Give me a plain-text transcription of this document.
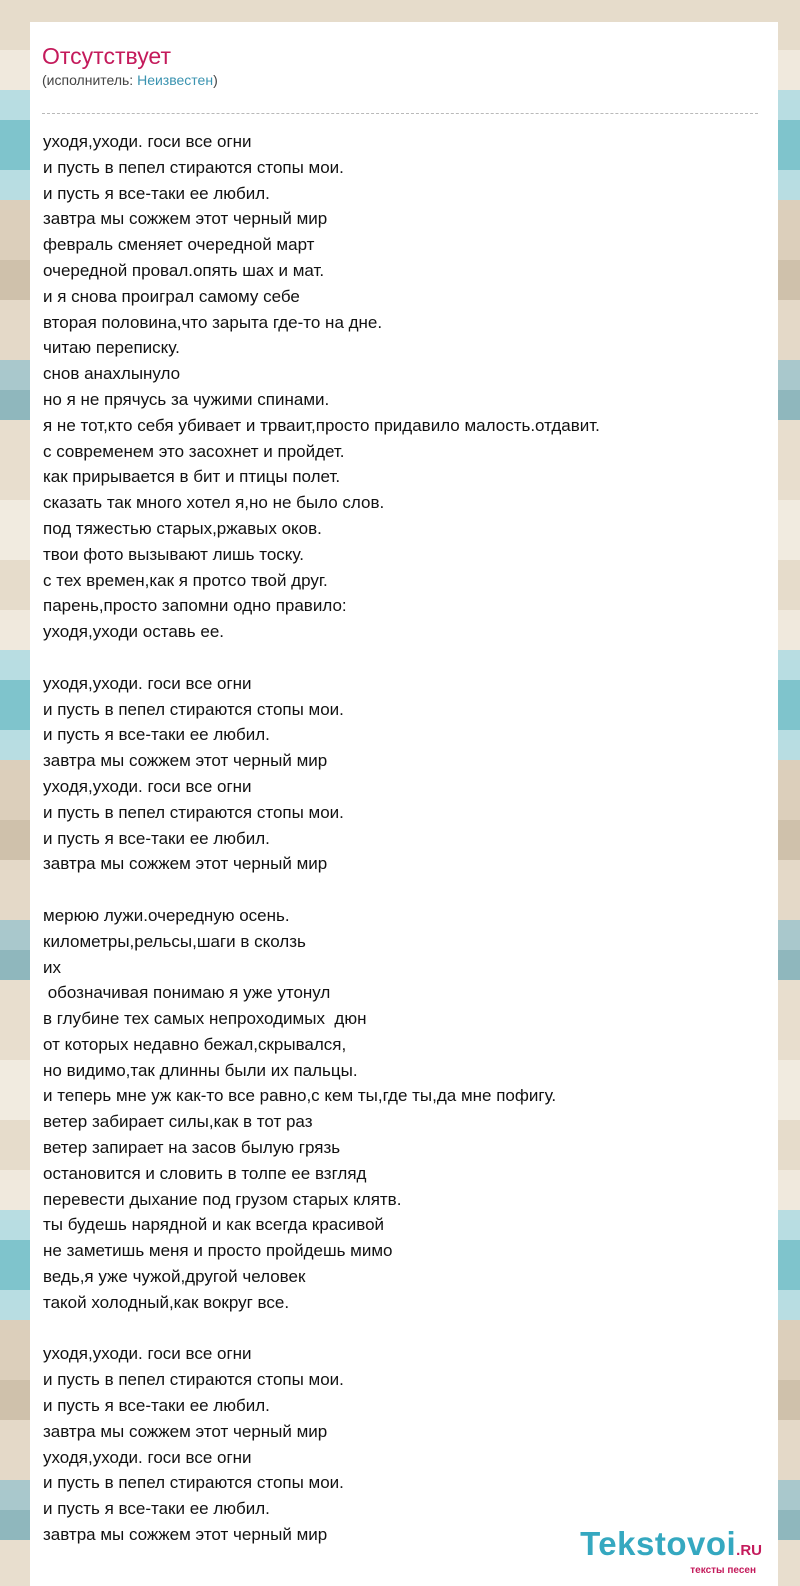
Отсутствует
(исполнитель: Неизвестен)
уходя,уходи. госи все огни
и пусть в пепел стираются стопы мои.
и пусть я все-таки ее любил.
завтра мы сожжем этот черный мир
февраль сменяет очередной март
очередной провал.опять шах и мат.
и я снова проиграл самому себе
вторая половина,что зарыта где-то на дне.
читаю переписку.
снов анахлынуло
но я не прячусь за чужими спинами.
я не тот,кто себя убивает и трваит,просто придавило малость.отдавит.
с современем это засохнет и пройдет.
как прирывается в бит и птицы полет.
сказать так много хотел я,но не было слов.
под тяжестью старых,ржавых оков.
твои фото вызывают лишь тоску.
с тех времен,как я протсо твой друг.
парень,просто запомни одно правило:
уходя,уходи оставь ее.
уходя,уходи. госи все огни
и пусть в пепел стираются стопы мои.
и пусть я все-таки ее любил.
завтра мы сожжем этот черный мир
уходя,уходи. госи все огни
и пусть в пепел стираются стопы мои.
и пусть я все-таки ее любил.
завтра мы сожжем этот черный мир
мерюю лужи.очередную осень.
километры,рельсы,шаги в сколзь
их
обозначивая понимаю я уже утонул
в глубине тех самых непроходимых  дюн
от которых недавно бежал,скрывался,
но видимо,так длинны были их пальцы.
и теперь мне уж как-то все равно,с кем ты,где ты,да мне пофигу.
ветер забирает силы,как в тот раз
ветер запирает на засов былую грязь
остановится и словить в толпе ее взгляд
перевести дыхание под грузом старых клятв.
ты будешь нарядной и как всегда красивой
не заметишь меня и просто пройдешь мимо
ведь,я уже чужой,другой человек
такой холодный,как вокруг все.
уходя,уходи. госи все огни
и пусть в пепел стираются стопы мои.
и пусть я все-таки ее любил.
завтра мы сожжем этот черный мир
уходя,уходи. госи все огни
и пусть в пепел стираются стопы мои.
и пусть я все-таки ее любил.
завтра мы сожжем этот черный мир	Tekstovoi.RU
тексты песен
